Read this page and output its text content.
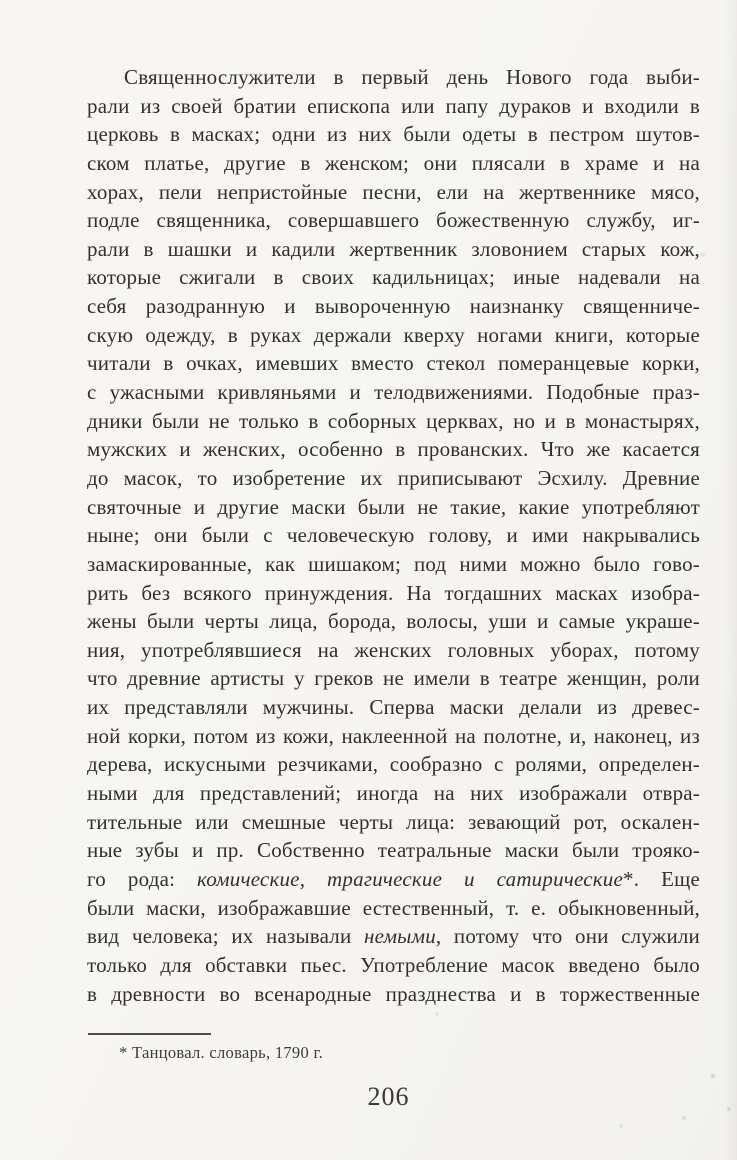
Священнослужители в первый день Нового года выби-
рали из своей братии епископа или папу дураков и входили в
церковь в масках; одни из них были одеты в пестром шутов-
ском платье, другие в женском; они плясали в храме и на
хорах, пели непристойные песни, ели на жертвеннике мясо,
подле священника, совершавшего божественную службу, иг-
рали в шашки и кадили жертвенник зловонием старых кож,
которые сжигали в своих кадильницах; иные надевали на
себя разодранную и вывороченную наизнанку священниче-
скую одежду, в руках держали кверху ногами книги, которые
читали в очках, имевших вместо стекол померанцевые корки,
с ужасными кривляньями и телодвижениями. Подобные праз-
дники были не только в соборных церквах, но и в монастырях,
мужских и женских, особенно в прованских. Что же касается
до масок, то изобретение их приписывают Эсхилу. Древние
святочные и другие маски были не такие, какие употребляют
ныне; они были с человеческую голову, и ими накрывались
замаскированные, как шишаком; под ними можно было гово-
рить без всякого принуждения. На тогдашних масках изобра-
жены были черты лица, борода, волосы, уши и самые украше-
ния, употреблявшиеся на женских головных уборах, потому
что древние артисты у греков не имели в театре женщин, роли
их представляли мужчины. Сперва маски делали из древес-
ной корки, потом из кожи, наклеенной на полотне, и, наконец, из
дерева, искусными резчиками, сообразно с ролями, определен-
ными для представлений; иногда на них изображали отвра-
тительные или смешные черты лица: зевающий рот, оскален-
ные зубы и пр. Собственно театральные маски были трояко-
го рода: комические, трагические и сатирические*. Еще
были маски, изображавшие естественный, т. е. обыкновенный,
вид человека; их называли немыми, потому что они служили
только для обставки пьес. Употребление масок введено было
в древности во всенародные празднества и в торжественные
* Танцовал. словарь, 1790 г.
206
